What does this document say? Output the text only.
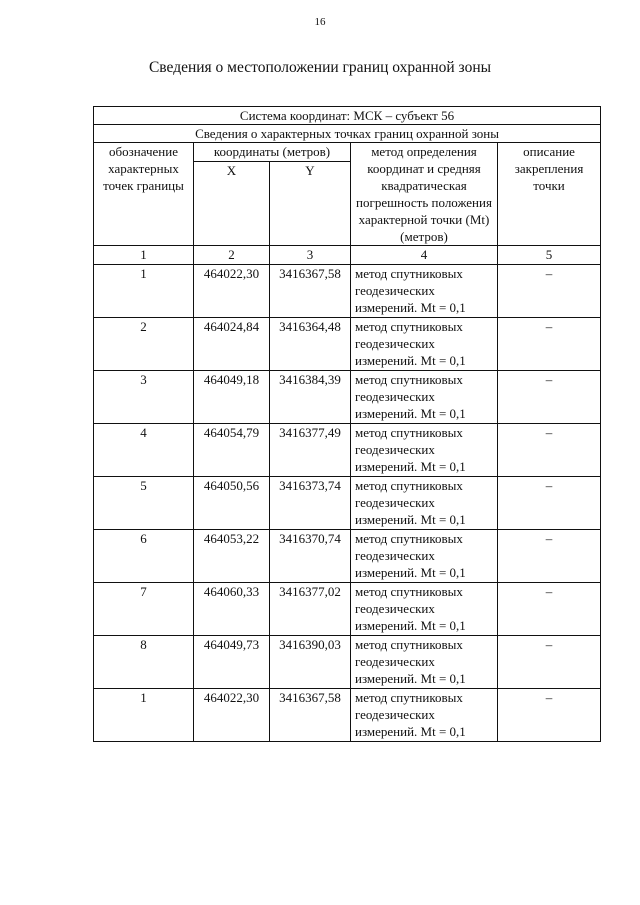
16
Сведения о местоположении границ охранной зоны
Система координат: МСК – субъект 56				
Сведения о характерных точках границ охранной зоны				
обозначение характерных точек границы	координаты (метров)		метод определения координат и средняя квадратическая погрешность положения характерной точки (Mt) (метров)	описание закрепления точки
	X	Y		
1	2	3	4	5
1	464022,30	3416367,58	метод спутниковых геодезических измерений. Mt = 0,1	–
2	464024,84	3416364,48	метод спутниковых геодезических измерений. Mt = 0,1	–
3	464049,18	3416384,39	метод спутниковых геодезических измерений. Mt = 0,1	–
4	464054,79	3416377,49	метод спутниковых геодезических измерений. Mt = 0,1	–
5	464050,56	3416373,74	метод спутниковых геодезических измерений. Mt = 0,1	–
6	464053,22	3416370,74	метод спутниковых геодезических измерений. Mt = 0,1	–
7	464060,33	3416377,02	метод спутниковых геодезических измерений. Mt = 0,1	–
8	464049,73	3416390,03	метод спутниковых геодезических измерений. Mt = 0,1	–
1	464022,30	3416367,58	метод спутниковых геодезических измерений. Mt = 0,1	–
